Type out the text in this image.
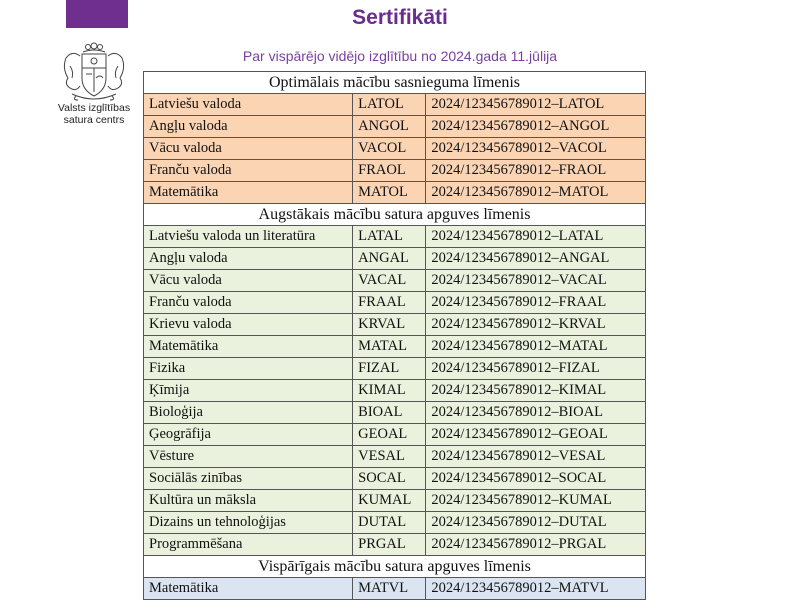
Sertifikāti
Par vispārējo vidējo izglītību no 2024.gada 11.jūlija
Valsts izglītības
satura centrs
Optimālais mācību sasnieguma līmenis		
Latviešu valoda	LATOL	2024/123456789012–LATOL
Angļu valoda	ANGOL	2024/123456789012–ANGOL
Vācu valoda	VACOL	2024/123456789012–VACOL
Franču valoda	FRAOL	2024/123456789012–FRAOL
Matemātika	MATOL	2024/123456789012–MATOL
Augstākais mācību satura apguves līmenis		
Latviešu valoda un literatūra	LATAL	2024/123456789012–LATAL
Angļu valoda	ANGAL	2024/123456789012–ANGAL
Vācu valoda	VACAL	2024/123456789012–VACAL
Franču valoda	FRAAL	2024/123456789012–FRAAL
Krievu valoda	KRVAL	2024/123456789012–KRVAL
Matemātika	MATAL	2024/123456789012–MATAL
Fizika	FIZAL	2024/123456789012–FIZAL
Ķīmija	KIMAL	2024/123456789012–KIMAL
Bioloģija	BIOAL	2024/123456789012–BIOAL
Ģeogrāfija	GEOAL	2024/123456789012–GEOAL
Vēsture	VESAL	2024/123456789012–VESAL
Sociālās zinības	SOCAL	2024/123456789012–SOCAL
Kultūra un māksla	KUMAL	2024/123456789012–KUMAL
Dizains un tehnoloģijas	DUTAL	2024/123456789012–DUTAL
Programmēšana	PRGAL	2024/123456789012–PRGAL
Vispārīgais mācību satura apguves līmenis		
Matemātika	MATVL	2024/123456789012–MATVL
